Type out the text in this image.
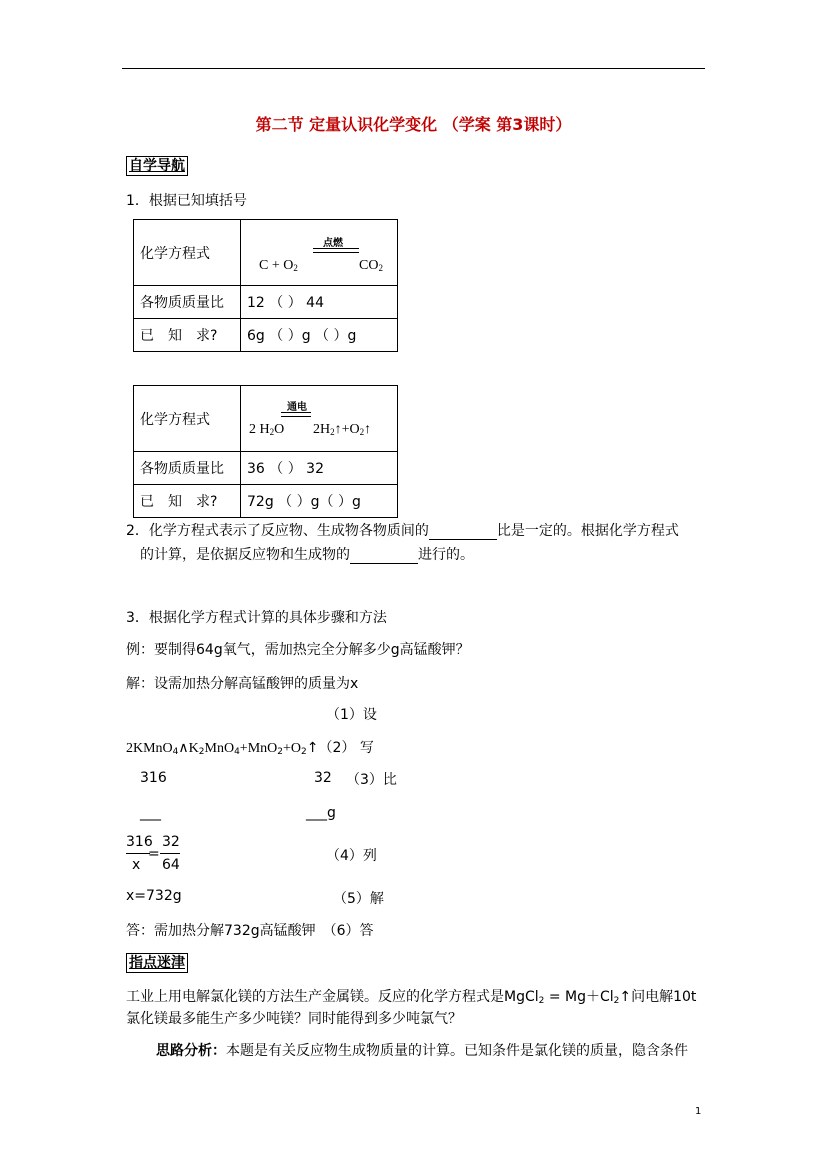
第二节 定量认识化学变化 （学案 第3课时）
自学导航
1．根据已知填括号
化学方程式	点燃
$C + O_2$ $CO_2$

各物质质量比	12 （ ） 44
已　知　求?	6g （ ）g （ ）g
化学方程式	通电
2 $H_2O$ $2H_2↑+O_2↑$

各物质质量比	36 （ ） 32
已　知　求?	72g （ ）g（ ）g
2．化学方程式表示了反应物、生成物各物质间的	比是一定的。根据化学方程式
的计算，是依据反应物和生成物的	进行的。
3．根据化学方程式计算的具体步骤和方法
例：要制得64g氧气，需加热完全分解多少g高锰酸钾？
解：设需加热分解高锰酸钾的质量为x
（1）设
$2KMnO_4\wedge K_2MnO_4+MnO_2+O_2↑(2)$ 写
316	32 （3）比
___	___g
316
x
=
32
64
（4）列
x=732g	（5）解
答：需加热分解732g高锰酸钾　 （6）答
指点迷津
工业上用电解氯化镁的方法生产金属镁。反应的化学方程式是MgCl$_2$ = $Mg+Cl_2↑$问电解10t
氯化镁最多能生产多少吨镁？同时能得到多少吨氯气？
思路分析：本题是有关反应物生成物质量的计算。已知条件是氯化镁的质量，隐含条件
1
